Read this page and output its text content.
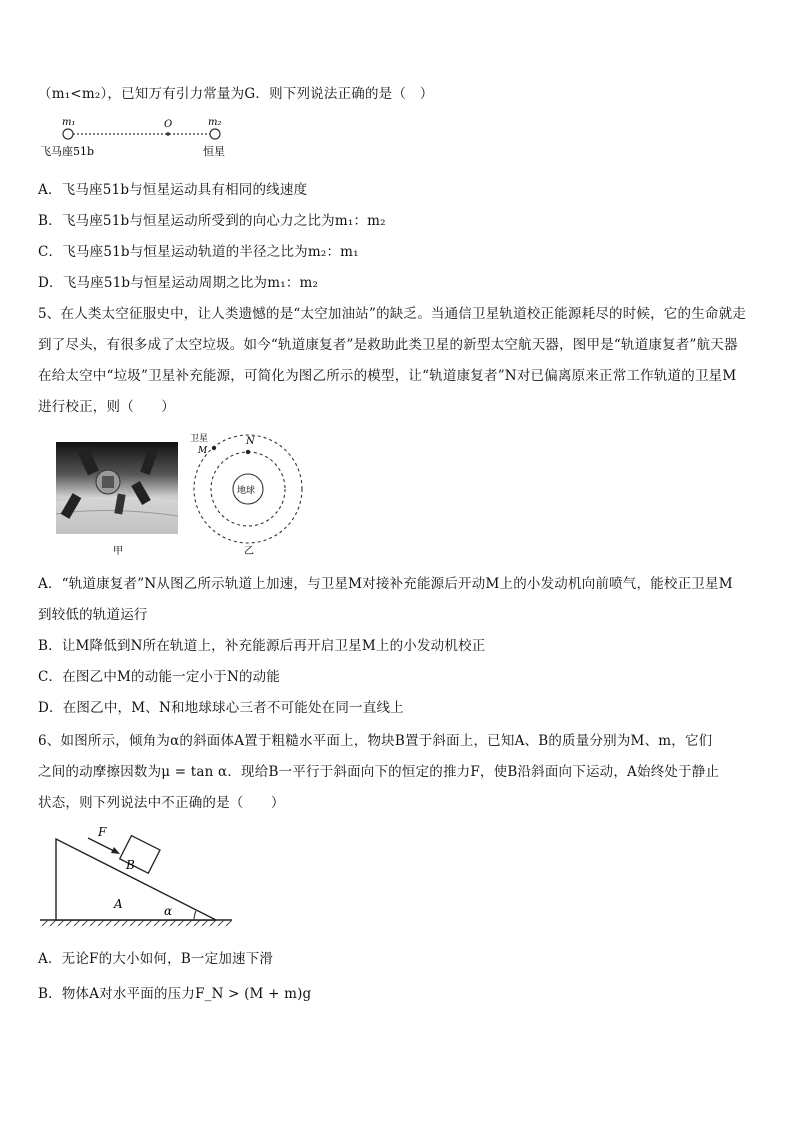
（m₁<m₂），已知万有引力常量为G．则下列说法正确的是（　）
m₁	O	m₂
飞马座51b	恒星
A．飞马座51b与恒星运动具有相同的线速度
B．飞马座51b与恒星运动所受到的向心力之比为m₁：m₂
C．飞马座51b与恒星运动轨道的半径之比为m₂：m₁
D．飞马座51b与恒星运动周期之比为m₁：m₂
5、在人类太空征服史中，让人类遗憾的是“太空加油站”的缺乏。当通信卫星轨道校正能源耗尽的时候，它的生命就走
到了尽头，有很多成了太空垃圾。如今“轨道康复者”是救助此类卫星的新型太空航天器，图甲是“轨道康复者”航天器
在给太空中“垃圾”卫星补充能源，可简化为图乙所示的模型，让“轨道康复者”N对已偏离原来正常工作轨道的卫星M
进行校正，则（　　）
甲
地球
卫星
M
N
乙
A．“轨道康复者”N从图乙所示轨道上加速，与卫星M对接补充能源后开动M上的小发动机向前喷气，能校正卫星M
到较低的轨道运行
B．让M降低到N所在轨道上，补充能源后再开启卫星M上的小发动机校正
C．在图乙中M的动能一定小于N的动能
D．在图乙中，M、N和地球球心三者不可能处在同一直线上
6、如图所示，倾角为α的斜面体A置于粗糙水平面上，物块B置于斜面上，已知A、B的质量分别为M、m，它们
之间的动摩擦因数为μ = tan α．现给B一平行于斜面向下的恒定的推力F，使B沿斜面向下运动，A始终处于静止
状态，则下列说法中不正确的是（　　）
F
B
A	α
A．无论F的大小如何，B一定加速下滑
B．物体A对水平面的压力F_N > (M + m)g
